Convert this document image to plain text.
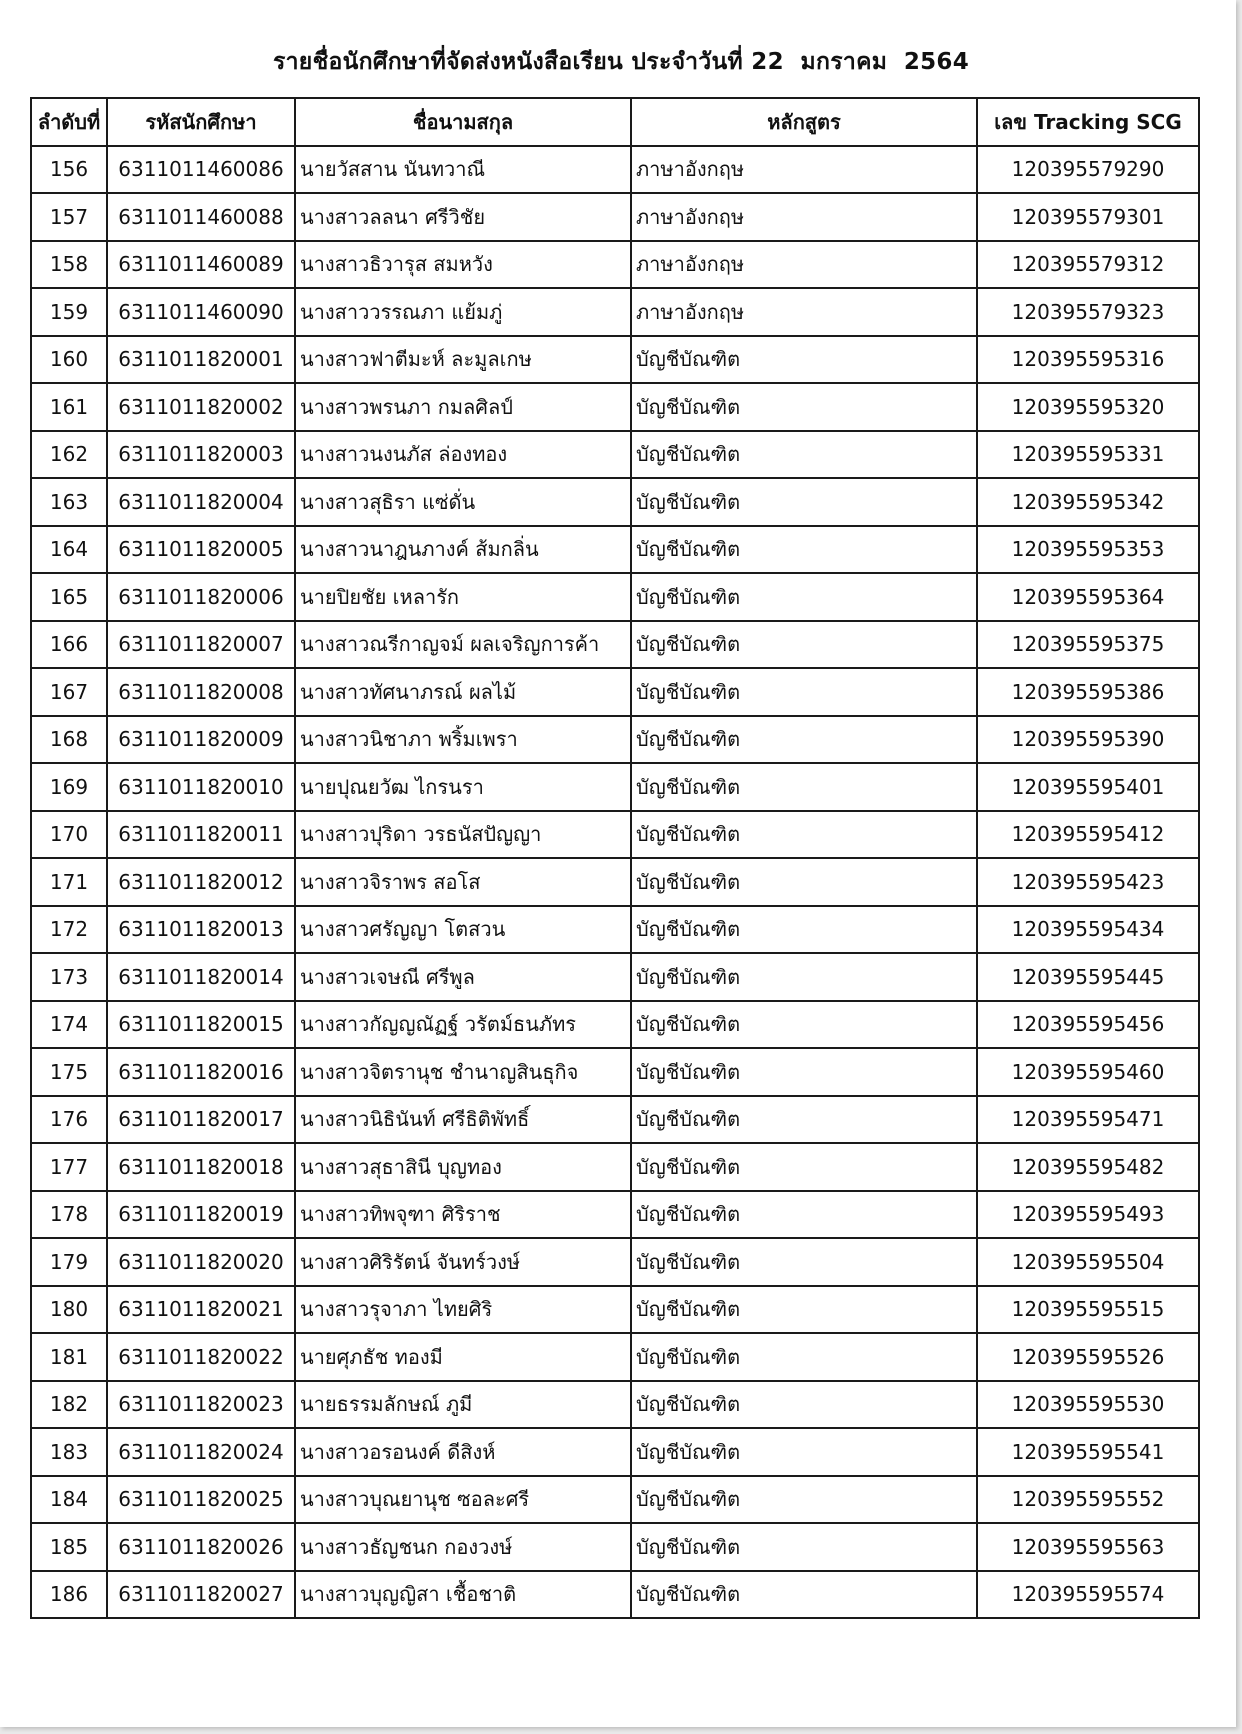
รายชื่อนักศึกษาที่จัดส่งหนังสือเรียน ประจำวันที่ 22  มกราคม  2564
ลำดับที่	รหัสนักศึกษา	ชื่อนามสกุล	หลักสูตร	เลข Tracking SCG
156	6311011460086	นายวัสสาน นันทวาณี	ภาษาอังกฤษ	120395579290
157	6311011460088	นางสาวลลนา ศรีวิชัย	ภาษาอังกฤษ	120395579301
158	6311011460089	นางสาวธิวารุส สมหวัง	ภาษาอังกฤษ	120395579312
159	6311011460090	นางสาววรรณภา แย้มภู่	ภาษาอังกฤษ	120395579323
160	6311011820001	นางสาวฟาตีมะห์ ละมูลเกษ	บัญชีบัณฑิต	120395595316
161	6311011820002	นางสาวพรนภา กมลศิลป์	บัญชีบัณฑิต	120395595320
162	6311011820003	นางสาวนงนภัส ล่องทอง	บัญชีบัณฑิต	120395595331
163	6311011820004	นางสาวสุธิรา แซ่ดั่น	บัญชีบัณฑิต	120395595342
164	6311011820005	นางสาวนาฎนภางค์ ส้มกลิ่น	บัญชีบัณฑิต	120395595353
165	6311011820006	นายปิยชัย เหลารัก	บัญชีบัณฑิต	120395595364
166	6311011820007	นางสาวณรีกาญจม์ ผลเจริญการค้า	บัญชีบัณฑิต	120395595375
167	6311011820008	นางสาวทัศนาภรณ์ ผลไม้	บัญชีบัณฑิต	120395595386
168	6311011820009	นางสาวนิชาภา พริ้มเพรา	บัญชีบัณฑิต	120395595390
169	6311011820010	นายปุณยวัฒ ไกรนรา	บัญชีบัณฑิต	120395595401
170	6311011820011	นางสาวปุริดา วรธนัสปัญญา	บัญชีบัณฑิต	120395595412
171	6311011820012	นางสาวจิราพร สอโส	บัญชีบัณฑิต	120395595423
172	6311011820013	นางสาวศรัญญา โตสวน	บัญชีบัณฑิต	120395595434
173	6311011820014	นางสาวเจษณี ศรีพูล	บัญชีบัณฑิต	120395595445
174	6311011820015	นางสาวกัญญณัฏฐ์ วรัตม์ธนภัทร	บัญชีบัณฑิต	120395595456
175	6311011820016	นางสาวจิตรานุช ชำนาญสินธุกิจ	บัญชีบัณฑิต	120395595460
176	6311011820017	นางสาวนิธินันท์ ศรีธิติพัทธิ์	บัญชีบัณฑิต	120395595471
177	6311011820018	นางสาวสุธาสินี บุญทอง	บัญชีบัณฑิต	120395595482
178	6311011820019	นางสาวทิพจุฑา ศิริราช	บัญชีบัณฑิต	120395595493
179	6311011820020	นางสาวศิริรัตน์ จันทร์วงษ์	บัญชีบัณฑิต	120395595504
180	6311011820021	นางสาวรุจาภา ไทยศิริ	บัญชีบัณฑิต	120395595515
181	6311011820022	นายศุภธัช ทองมี	บัญชีบัณฑิต	120395595526
182	6311011820023	นายธรรมลักษณ์ ภูมี	บัญชีบัณฑิต	120395595530
183	6311011820024	นางสาวอรอนงค์ ดีสิงห์	บัญชีบัณฑิต	120395595541
184	6311011820025	นางสาวบุณยานุช ซอละศรี	บัญชีบัณฑิต	120395595552
185	6311011820026	นางสาวธัญชนก กองวงษ์	บัญชีบัณฑิต	120395595563
186	6311011820027	นางสาวบุญญิสา เชื้อชาติ	บัญชีบัณฑิต	120395595574
